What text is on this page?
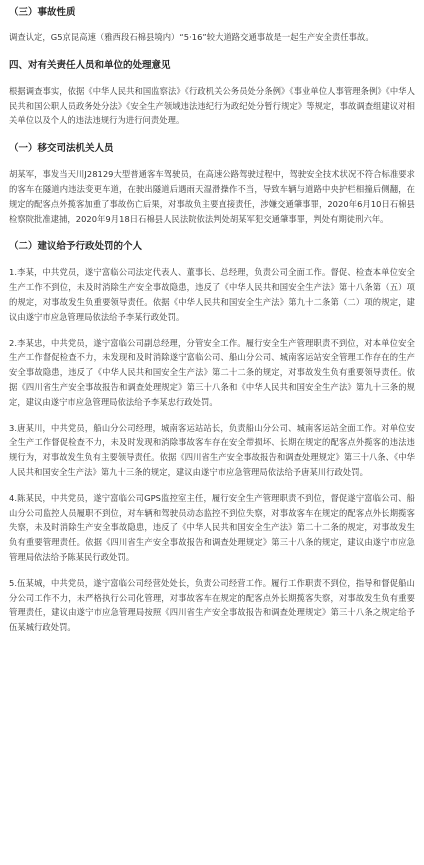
（三）事故性质

调查认定，G5京昆高速（雅西段石棉县境内）“5·16”较大道路交通事故是一起生产安全责任事故。

四、对有关责任人员和单位的处理意见

根据调查事实，依据《中华人民共和国监察法》《行政机关公务员处分条例》《事业单位人事管理条例》《中华人民共和国公职人员政务处分法》《安全生产领域违法违纪行为政纪处分暂行规定》等规定，事故调查组建议对相关单位以及个人的违法违规行为进行问责处理。

（一）移交司法机关人员

胡某军，事发当天川J28129大型普通客车驾驶员，在高速公路驾驶过程中，驾驶安全技术状况不符合标准要求的客车在隧道内违法变更车道，在驶出隧道后遇雨天湿滑操作不当，导致车辆与道路中央护栏相撞后侧翻，在规定的配客点外揽客加重了事故伤亡后果，对事故负主要直接责任，涉嫌交通肇事罪，2020年6月10日石棉县检察院批准逮捕，2020年9月18日石棉县人民法院依法判处胡某军犯交通肇事罪，判处有期徒刑六年。

（二）建议给予行政处罚的个人

1.李某，中共党员，遂宁富临公司法定代表人、董事长、总经理，负责公司全面工作。督促、检查本单位安全生产工作不到位，未及时消除生产安全事故隐患，违反了《中华人民共和国安全生产法》第十八条第（五）项的规定，对事故发生负重要领导责任。依据《中华人民共和国安全生产法》第九十二条第（二）项的规定，建议由遂宁市应急管理局依法给予李某行政处罚。

2.李某忠，中共党员，遂宁富临公司副总经理，分管安全工作。履行安全生产管理职责不到位，对本单位安全生产工作督促检查不力，未发现和及时消除遂宁富临公司、船山分公司、城南客运站安全管理工作存在的生产安全事故隐患，违反了《中华人民共和国安全生产法》第二十二条的规定，对事故发生负有重要领导责任。依据《四川省生产安全事故报告和调查处理规定》第三十八条和《中华人民共和国安全生产法》第九十三条的规定，建议由遂宁市应急管理局依法给予李某忠行政处罚。

3.唐某川，中共党员，船山分公司经理，城南客运站站长，负责船山分公司、城南客运站全面工作。对单位安全生产工作督促检查不力，未及时发现和消除事故客车存在安全带损坏、长期在规定的配客点外揽客的违法违规行为，对事故发生负有主要领导责任。依据《四川省生产安全事故报告和调查处理规定》第三十八条、《中华人民共和国安全生产法》第九十三条的规定，建议由遂宁市应急管理局依法给予唐某川行政处罚。

4.陈某民，中共党员，遂宁富临公司GPS监控室主任，履行安全生产管理职责不到位，督促遂宁富临公司、船山分公司监控人员履职不到位，对车辆和驾驶员动态监控不到位失察，对事故客车在规定的配客点外长期揽客失察，未及时消除生产安全事故隐患，违反了《中华人民共和国安全生产法》第二十二条的规定，对事故发生负有重要管理责任。依据《四川省生产安全事故报告和调查处理规定》第三十八条的规定，建议由遂宁市应急管理局依法给予陈某民行政处罚。

5.伍某城，中共党员，遂宁富临公司经营处处长，负责公司经营工作。履行工作职责不到位，指导和督促船山分公司工作不力，未严格执行公司化管理，对事故客车在规定的配客点外长期揽客失察，对事故发生负有重要管理责任，建议由遂宁市应急管理局按照《四川省生产安全事故报告和调查处理规定》第三十八条之规定给予伍某城行政处罚。
